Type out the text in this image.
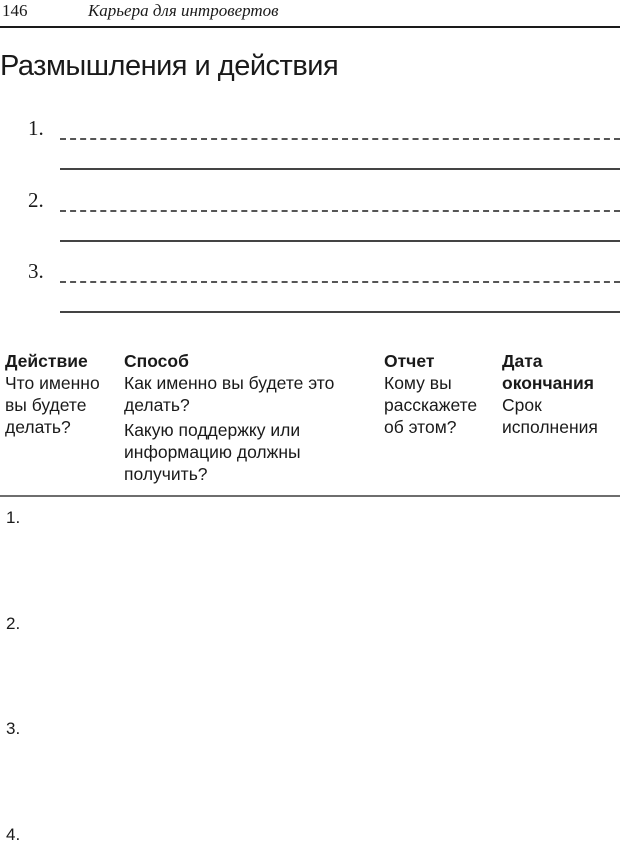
146	Карьера для интровертов
Размышления и действия
1.
2.
3.
Действие
Что именно
вы будете
делать?
Способ
Как именно вы будете это
делать?
Какую поддержку или
информацию должны
получить?
Отчет
Кому вы
расскажете
об этом?
Дата
окончания
Срок
исполнения
1.
2.
3.
4.
